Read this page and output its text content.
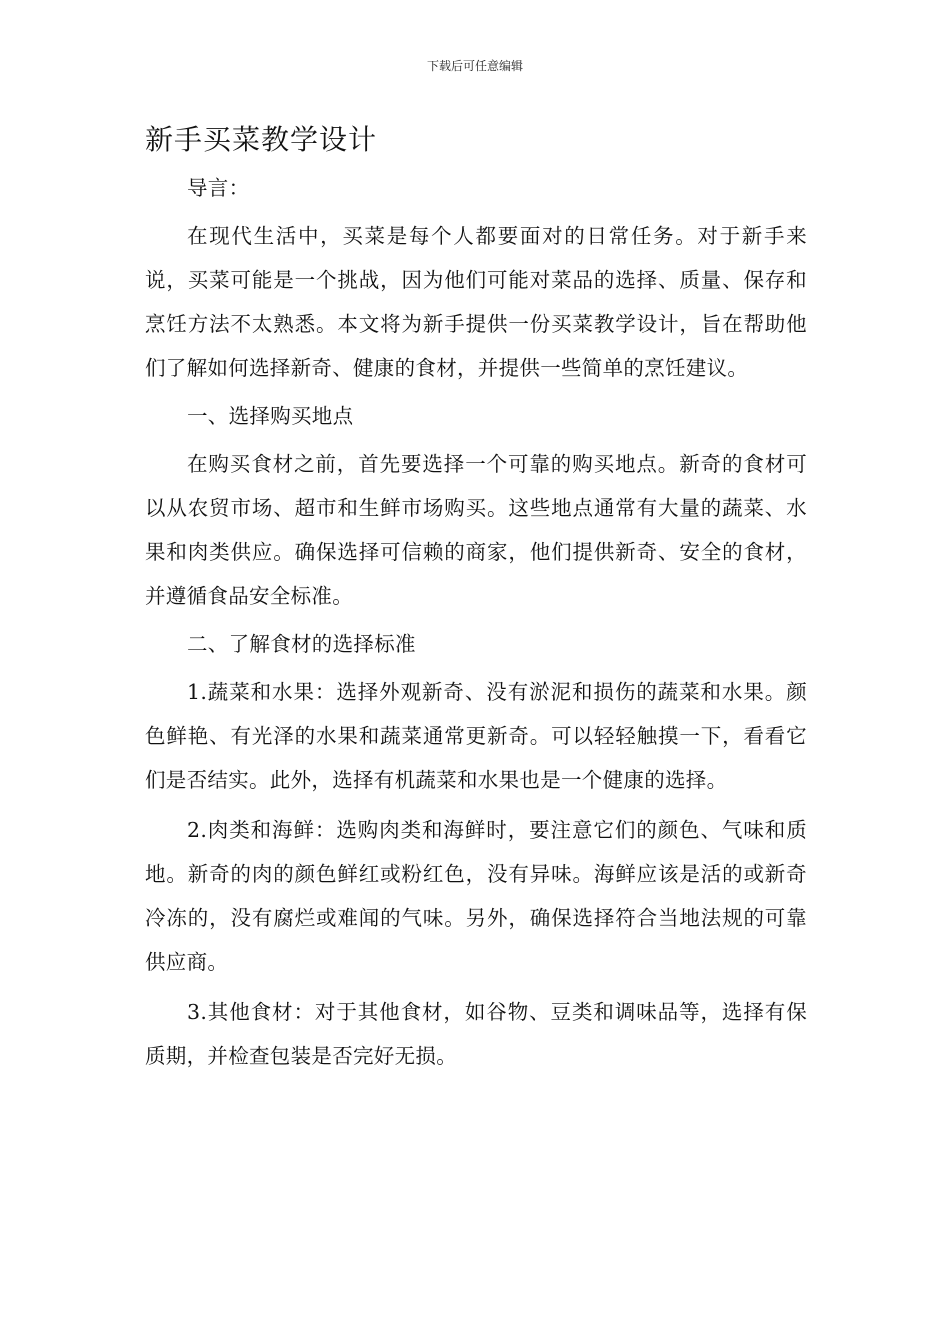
下载后可任意编辑
新手买菜教学设计

导言：

在现代生活中，买菜是每个人都要面对的日常任务。对于新手来说，买菜可能是一个挑战，因为他们可能对菜品的选择、质量、保存和烹饪方法不太熟悉。本文将为新手提供一份买菜教学设计，旨在帮助他们了解如何选择新奇、健康的食材，并提供一些简单的烹饪建议。

一、选择购买地点

在购买食材之前，首先要选择一个可靠的购买地点。新奇的食材可以从农贸市场、超市和生鲜市场购买。这些地点通常有大量的蔬菜、水果和肉类供应。确保选择可信赖的商家，他们提供新奇、安全的食材，并遵循食品安全标准。

二、了解食材的选择标准

1.蔬菜和水果：选择外观新奇、没有淤泥和损伤的蔬菜和水果。颜色鲜艳、有光泽的水果和蔬菜通常更新奇。可以轻轻触摸一下，看看它们是否结实。此外，选择有机蔬菜和水果也是一个健康的选择。

2.肉类和海鲜：选购肉类和海鲜时，要注意它们的颜色、气味和质地。新奇的肉的颜色鲜红或粉红色，没有异味。海鲜应该是活的或新奇冷冻的，没有腐烂或难闻的气味。另外，确保选择符合当地法规的可靠供应商。

3.其他食材：对于其他食材，如谷物、豆类和调味品等，选择有保质期，并检查包装是否完好无损。
